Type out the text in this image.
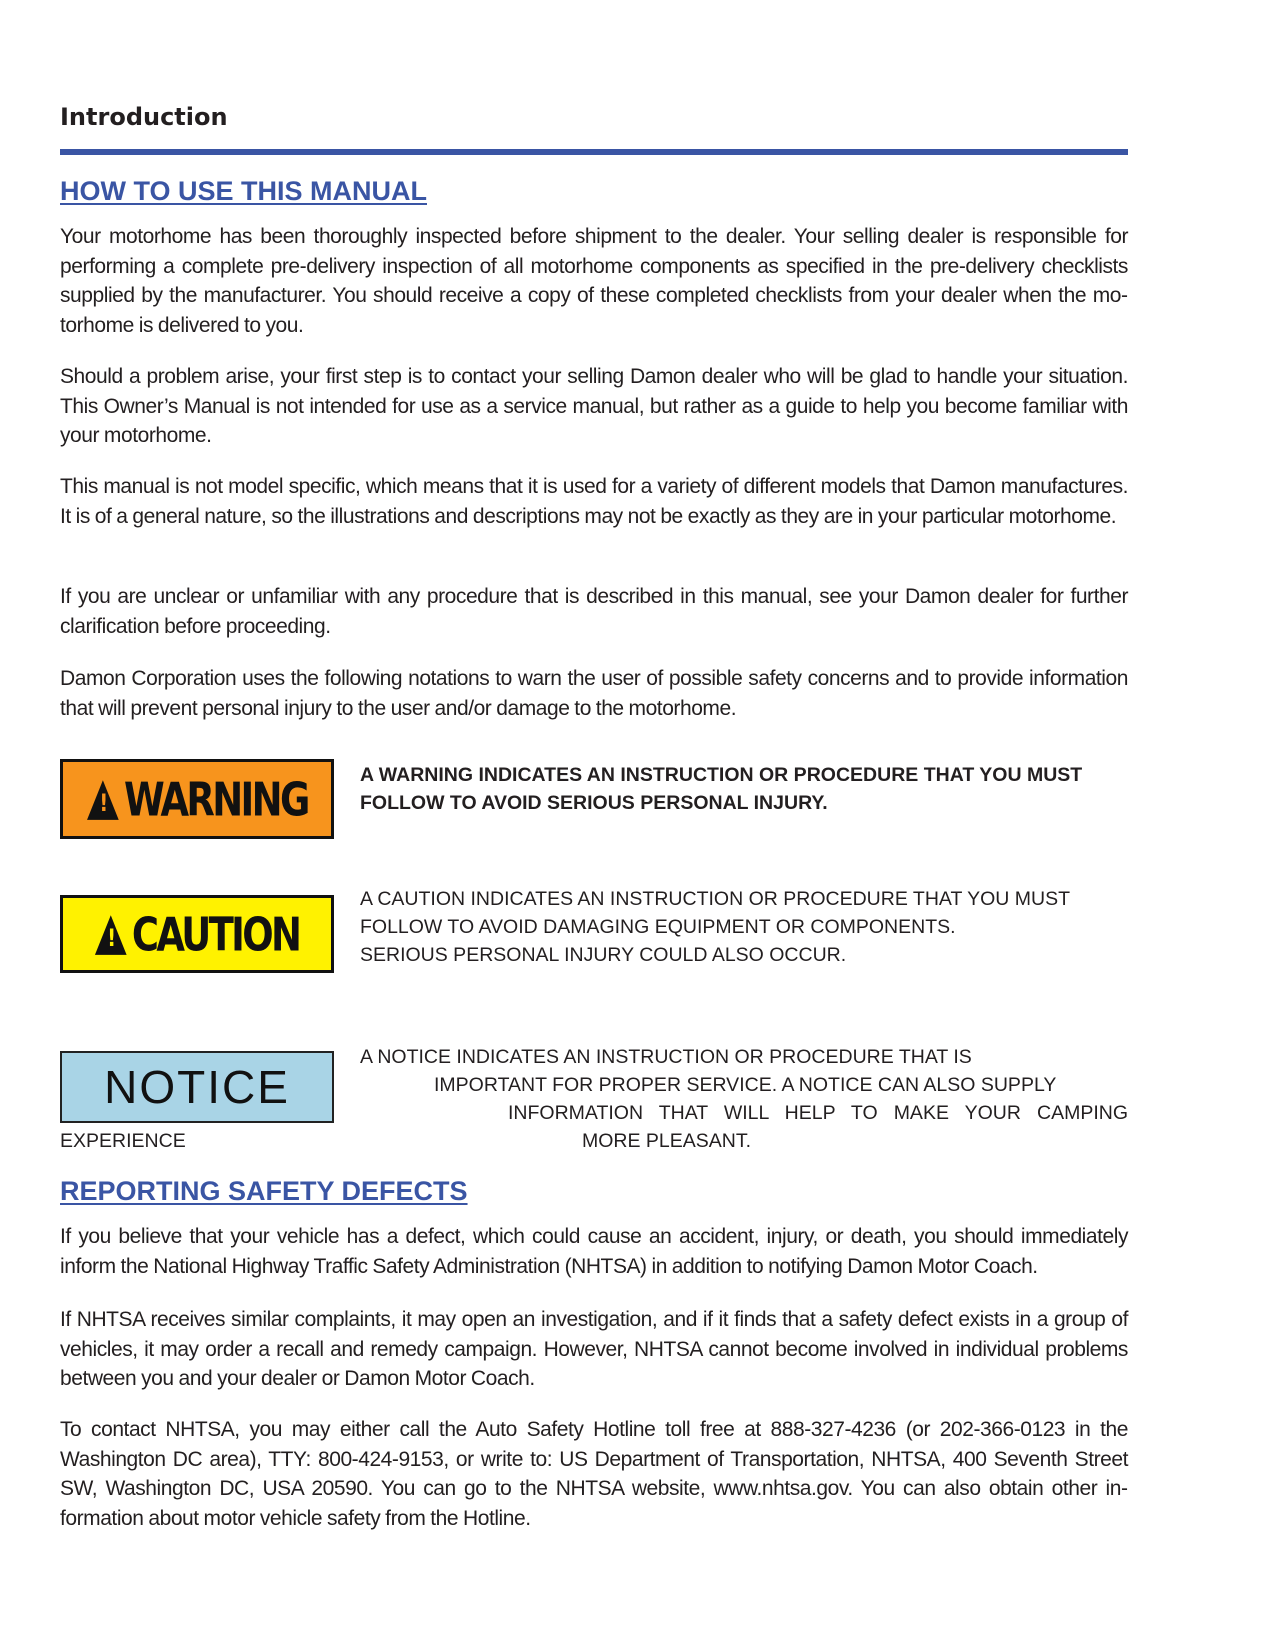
Introduction
HOW TO USE THIS MANUAL

Your motorhome has been thoroughly inspected before shipment to the dealer. Your selling dealer is responsible for performing a complete pre-delivery inspection of all motorhome components as specified in the pre-delivery checklists supplied by the manufacturer. You should receive a copy of these completed checklists from your dealer when the motorhome is delivered to you.

Should a problem arise, your first step is to contact your selling Damon dealer who will be glad to handle your situation. This Owner’s Manual is not intended for use as a service manual, but rather as a guide to help you become familiar with your motorhome.

This manual is not model specific, which means that it is used for a variety of different models that Damon manufactures. It is of a general nature, so the illustrations and descriptions may not be exactly as they are in your particular motorhome.

If you are unclear or unfamiliar with any procedure that is described in this manual, see your Damon dealer for further clarification before proceeding.

Damon Corporation uses the following notations to warn the user of possible safety concerns and to provide information that will prevent personal injury to the user and/or damage to the motorhome.

!
WARNING	A WARNING INDICATES AN INSTRUCTION OR PROCEDURE THAT YOU MUST FOLLOW TO AVOID SERIOUS PERSONAL INJURY.

!
CAUTION
A CAUTION INDICATES AN INSTRUCTION OR PROCEDURE THAT YOU MUST
FOLLOW TO AVOID DAMAGING EQUIPMENT OR COMPONENTS.
SERIOUS PERSONAL INJURY COULD ALSO OCCUR.
NOTICE
A NOTICE INDICATES AN INSTRUCTION OR PROCEDURE THAT IS
IMPORTANT FOR PROPER SERVICE. A NOTICE CAN ALSO SUPPLY
INFORMATION THAT WILL HELP TO MAKE YOUR CAMPING
EXPERIENCE	MORE PLEASANT.
REPORTING SAFETY DEFECTS

If you believe that your vehicle has a defect, which could cause an accident, injury, or death, you should immediately inform the National Highway Traffic Safety Administration (NHTSA) in addition to notifying Damon Motor Coach.

If NHTSA receives similar complaints, it may open an investigation, and if it finds that a safety defect exists in a group of vehicles, it may order a recall and remedy campaign. However, NHTSA cannot become involved in individual problems between you and your dealer or Damon Motor Coach.

To contact NHTSA, you may either call the Auto Safety Hotline toll free at 888-327-4236 (or 202-366-0123 in the Washington DC area), TTY: 800-424-9153, or write to: US Department of Transportation, NHTSA, 400 Seventh Street SW, Washington DC, USA 20590. You can go to the NHTSA website, www.nhtsa.gov. You can also obtain other information about motor vehicle safety from the Hotline.
